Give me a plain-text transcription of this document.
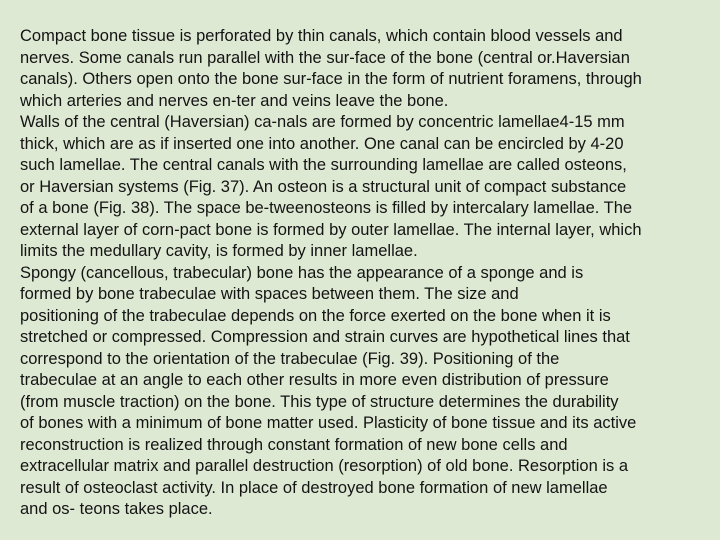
Compact bone tissue is perforated by thin canals, which contain blood vessels and
nerves. Some canals run parallel with the sur-face of the bone (central or.Haversian
canals). Others open onto the bone sur-face in the form of nutrient foramens, through
which arteries and nerves en-ter and veins leave the bone.
Walls of the central (Haversian) ca-nals are formed by concentric lamellae4-15 mm
thick, which are as if inserted one into another. One canal can be encircled by 4-20
such lamellae. The central canals with the surrounding lamellae are called osteons,
or Haversian systems (Fig. 37). An osteon is a structural unit of compact substance
of a bone (Fig. 38). The space be-tweenosteons is filled by intercalary lamellae. The
external layer of corn-pact bone is formed by outer lamellae. The internal layer, which
limits the medullary cavity, is formed by inner lamellae.
Spongy (cancellous, trabecular) bone has the appearance of a sponge and is
formed by bone trabeculae with spaces between them. The size and
positioning of the trabeculae depends on the force exerted on the bone when it is
stretched or compressed. Compression and strain curves are hypothetical lines that
correspond to the orientation of the trabeculae (Fig. 39). Positioning of the
trabeculae at an angle to each other results in more even distribution of pressure
(from muscle traction) on the bone. This type of structure determines the durability
of bones with a minimum of bone matter used. Plasticity of bone tissue and its active
reconstruction is realized through constant formation of new bone cells and
extracellular matrix and parallel destruction (resorption) of old bone. Resorption is a
result of osteoclast activity. In place of destroyed bone formation of new lamellae
and os- teons takes place.
